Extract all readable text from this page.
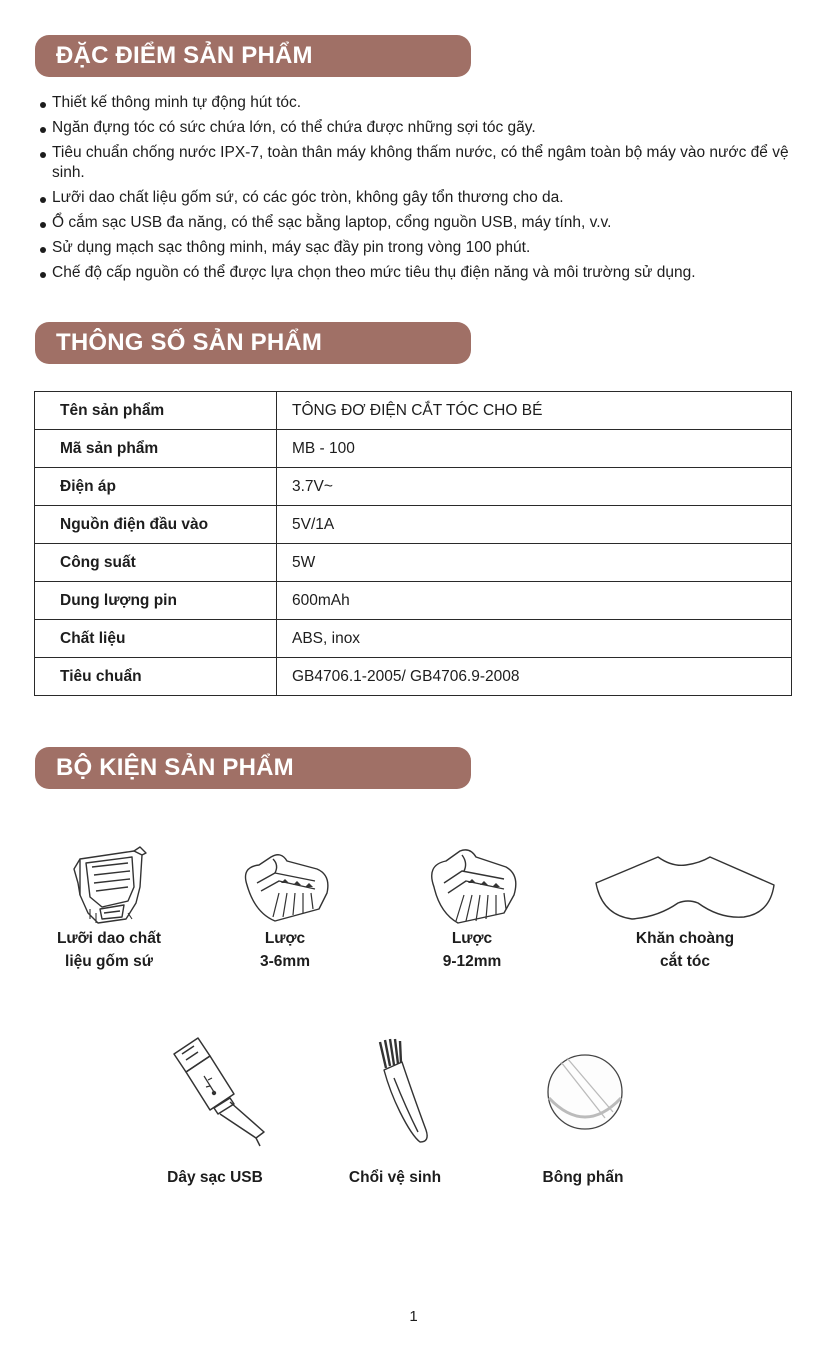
ĐẶC ĐIỂM SẢN PHẨM
Thiết kế thông minh tự động hút tóc.
Ngăn đựng tóc có sức chứa lớn, có thể chứa được những sợi tóc gãy.
Tiêu chuẩn chống nước IPX-7, toàn thân máy không thấm nước, có thể ngâm toàn bộ máy vào nước để vệ sinh.
Lưỡi dao chất liệu gốm sứ, có các góc tròn, không gây tổn thương cho da.
Ổ cắm sạc USB đa năng, có thể sạc bằng laptop, cổng nguồn USB, máy tính, v.v.
Sử dụng mạch sạc thông minh, máy sạc đầy pin trong vòng 100 phút.
Chế độ cấp nguồn có thể được lựa chọn theo mức tiêu thụ điện năng và môi trường sử dụng.
THÔNG SỐ SẢN PHẨM
Tên sản phẩm	TÔNG ĐƠ ĐIỆN CẮT TÓC CHO BÉ
Mã sản phẩm	MB - 100
Điện áp	3.7V~
Nguồn điện đầu vào	5V/1A
Công suất	5W
Dung lượng pin	600mAh
Chất liệu	ABS, inox
Tiêu chuẩn	GB4706.1-2005/ GB4706.9-2008
BỘ KIỆN SẢN PHẨM
Lưỡi dao chất
liệu gốm sứ
Lược
3-6mm
Lược
9-12mm
Khăn choàng
cắt tóc
Dây sạc USB	Chổi vệ sinh	Bông phấn
1
